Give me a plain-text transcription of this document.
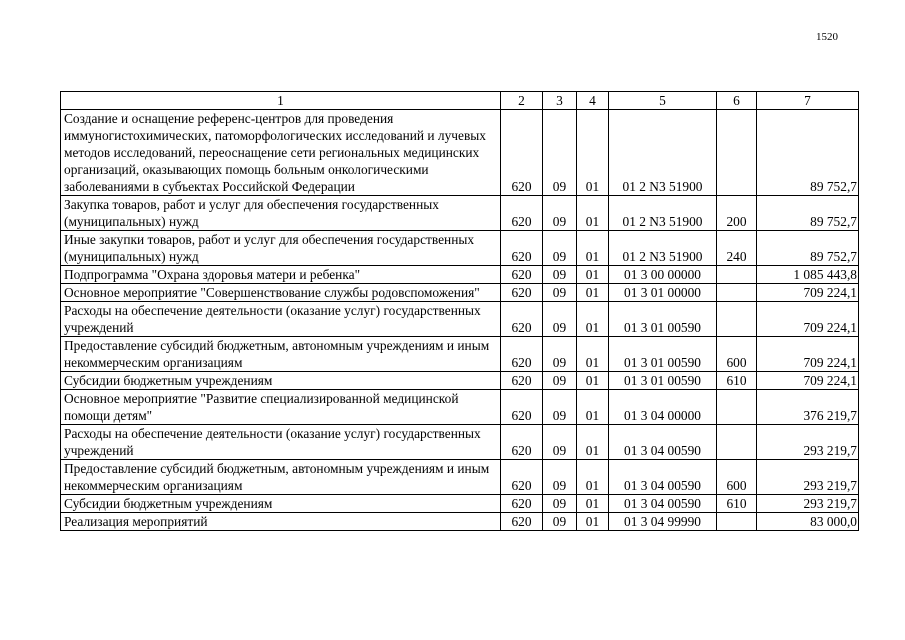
1520
1	2	3	4	5	6	7
Создание и оснащение референс-центров для проведения иммуногистохимических, патоморфологических исследований и лучевых методов исследований, переоснащение сети региональных медицинских организаций, оказывающих помощь больным онкологическими заболеваниями в субъектах Российской Федерации	620	09	01	01 2 N3 51900		89 752,7
Закупка товаров, работ и услуг для обеспечения государственных (муниципальных) нужд	620	09	01	01 2 N3 51900	200	89 752,7
Иные закупки товаров, работ и услуг для обеспечения государственных (муниципальных) нужд	620	09	01	01 2 N3 51900	240	89 752,7
Подпрограмма "Охрана здоровья матери и ребенка"	620	09	01	01 3 00 00000		1 085 443,8
Основное мероприятие "Совершенствование службы родовспоможения"	620	09	01	01 3 01 00000		709 224,1
Расходы на обеспечение деятельности (оказание услуг) государственных учреждений	620	09	01	01 3 01 00590		709 224,1
Предоставление субсидий бюджетным, автономным учреждениям и иным некоммерческим организациям	620	09	01	01 3 01 00590	600	709 224,1
Субсидии бюджетным учреждениям	620	09	01	01 3 01 00590	610	709 224,1
Основное мероприятие "Развитие специализированной медицинской помощи детям"	620	09	01	01 3 04 00000		376 219,7
Расходы на обеспечение деятельности (оказание услуг) государственных учреждений	620	09	01	01 3 04 00590		293 219,7
Предоставление субсидий бюджетным, автономным учреждениям и иным некоммерческим организациям	620	09	01	01 3 04 00590	600	293 219,7
Субсидии бюджетным учреждениям	620	09	01	01 3 04 00590	610	293 219,7
Реализация мероприятий	620	09	01	01 3 04 99990		83 000,0
